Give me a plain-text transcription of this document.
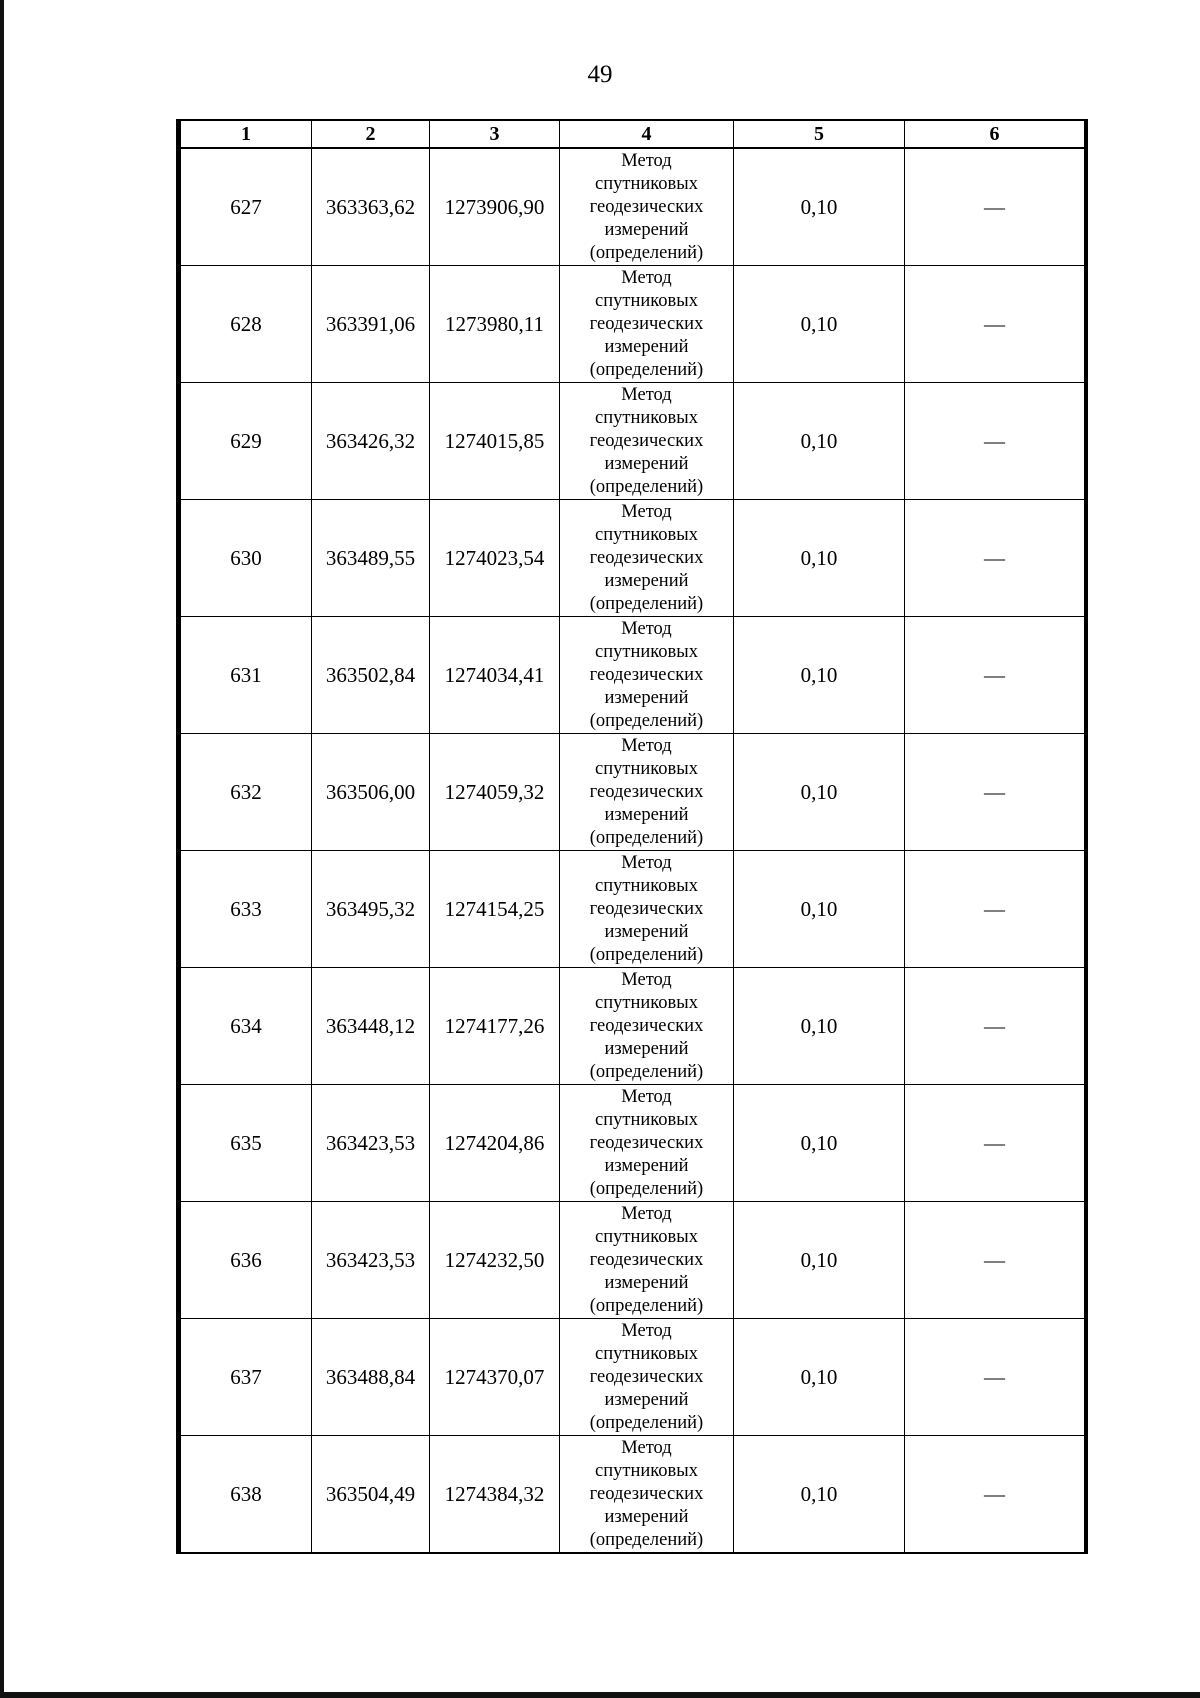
49
1	2	3	4	5	6
627	363363,62	1273906,90	Метод
спутниковых
геодезических
измерений
(определений)	0,10	—
628	363391,06	1273980,11	Метод
спутниковых
геодезических
измерений
(определений)	0,10	—
629	363426,32	1274015,85	Метод
спутниковых
геодезических
измерений
(определений)	0,10	—
630	363489,55	1274023,54	Метод
спутниковых
геодезических
измерений
(определений)	0,10	—
631	363502,84	1274034,41	Метод
спутниковых
геодезических
измерений
(определений)	0,10	—
632	363506,00	1274059,32	Метод
спутниковых
геодезических
измерений
(определений)	0,10	—
633	363495,32	1274154,25	Метод
спутниковых
геодезических
измерений
(определений)	0,10	—
634	363448,12	1274177,26	Метод
спутниковых
геодезических
измерений
(определений)	0,10	—
635	363423,53	1274204,86	Метод
спутниковых
геодезических
измерений
(определений)	0,10	—
636	363423,53	1274232,50	Метод
спутниковых
геодезических
измерений
(определений)	0,10	—
637	363488,84	1274370,07	Метод
спутниковых
геодезических
измерений
(определений)	0,10	—
638	363504,49	1274384,32	Метод
спутниковых
геодезических
измерений
(определений)	0,10	—
